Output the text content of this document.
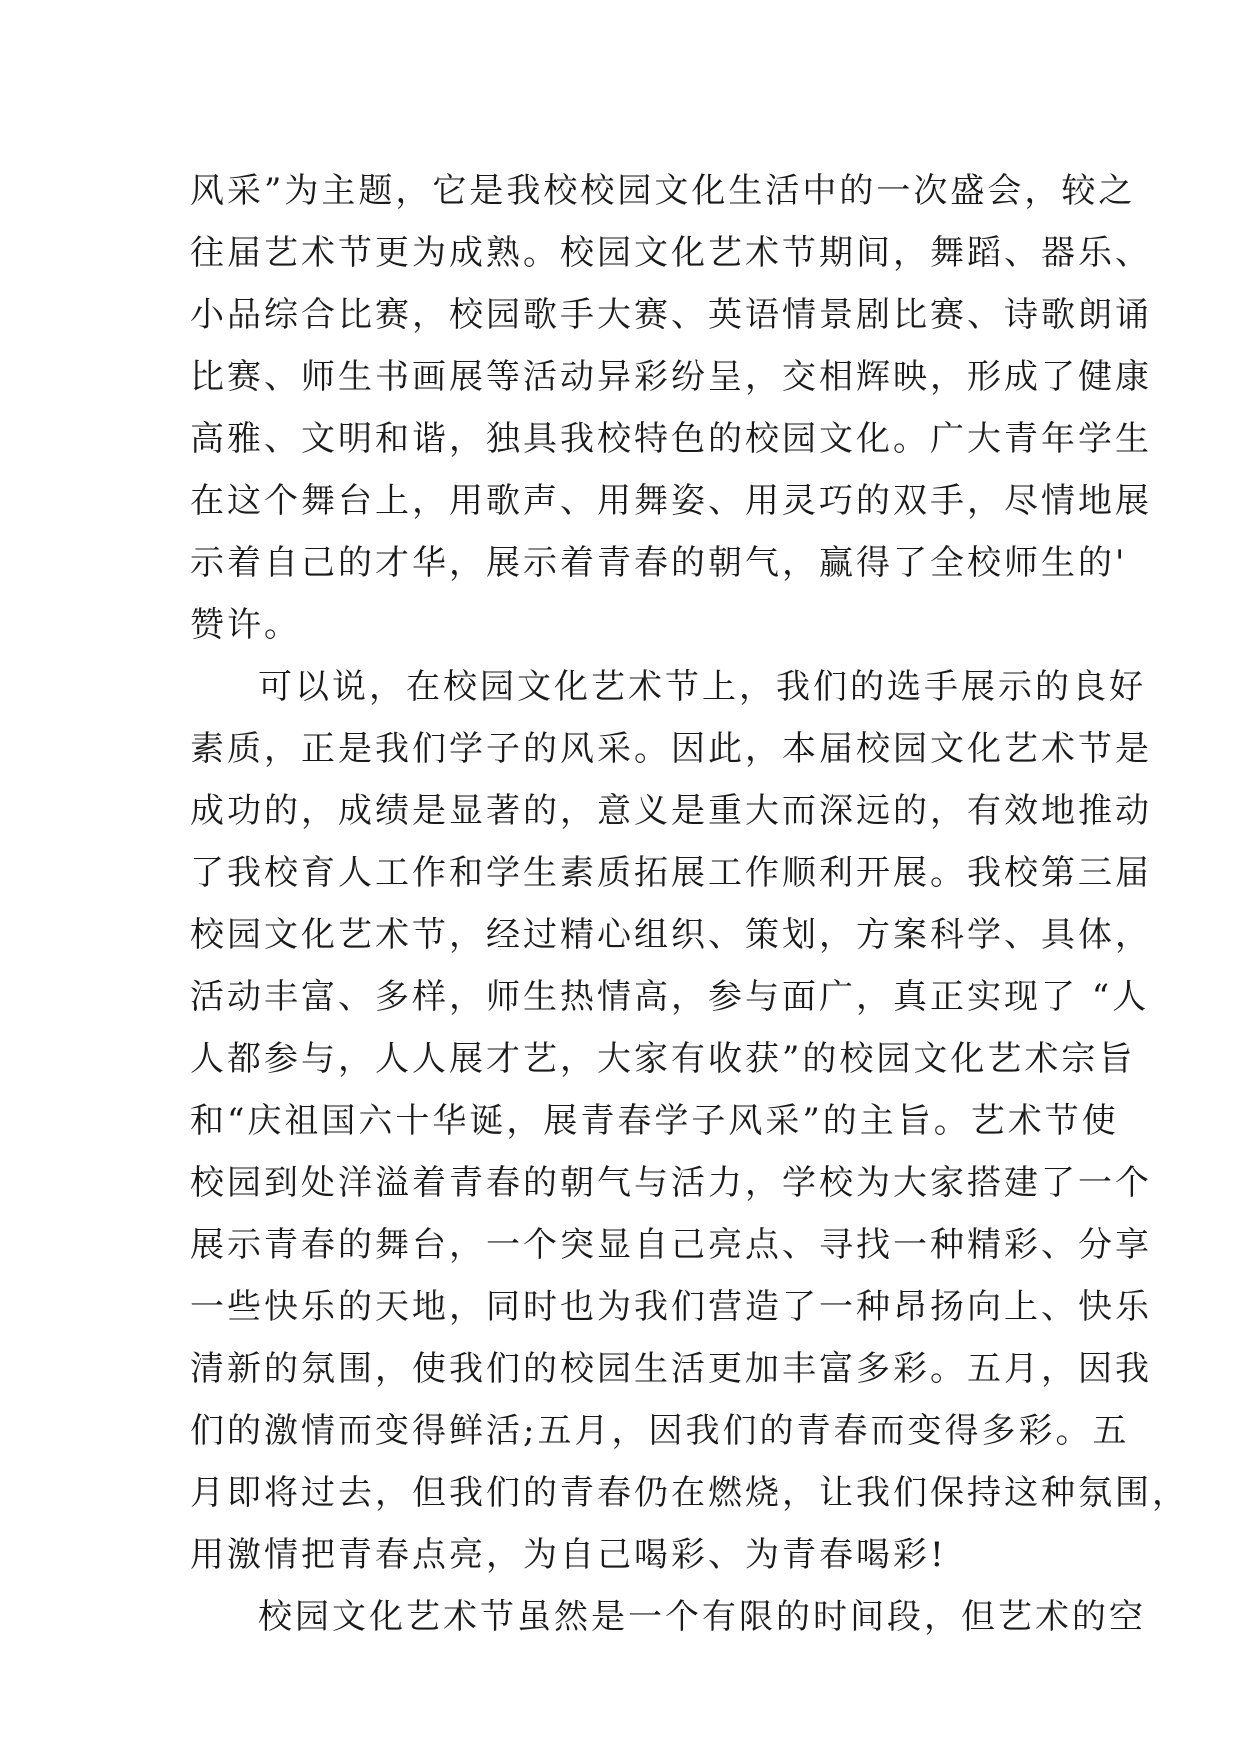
风采”为主题，它是我校校园文化生活中的一次盛会，较之
往届艺术节更为成熟。校园文化艺术节期间，舞蹈、器乐、
小品综合比赛，校园歌手大赛、英语情景剧比赛、诗歌朗诵
比赛、师生书画展等活动异彩纷呈，交相辉映，形成了健康
高雅、文明和谐，独具我校特色的校园文化。广大青年学生
在这个舞台上，用歌声、用舞姿、用灵巧的双手，尽情地展
示着自己的才华，展示着青春的朝气，赢得了全校师生的'
赞许。
可以说，在校园文化艺术节上，我们的选手展示的良好
素质，正是我们学子的风采。因此，本届校园文化艺术节是
成功的，成绩是显著的，意义是重大而深远的，有效地推动
了我校育人工作和学生素质拓展工作顺利开展。我校第三届
校园文化艺术节，经过精心组织、策划，方案科学、具体，
活动丰富、多样，师生热情高，参与面广，真正实现了 “人
人都参与，人人展才艺，大家有收获”的校园文化艺术宗旨
和“庆祖国六十华诞，展青春学子风采”的主旨。艺术节使
校园到处洋溢着青春的朝气与活力，学校为大家搭建了一个
展示青春的舞台，一个突显自己亮点、寻找一种精彩、分享
一些快乐的天地，同时也为我们营造了一种昂扬向上、快乐
清新的氛围，使我们的校园生活更加丰富多彩。五月，因我
们的激情而变得鲜活;五月，因我们的青春而变得多彩。五
月即将过去，但我们的青春仍在燃烧，让我们保持这种氛围，
用激情把青春点亮，为自己喝彩、为青春喝彩!
校园文化艺术节虽然是一个有限的时间段，但艺术的空
